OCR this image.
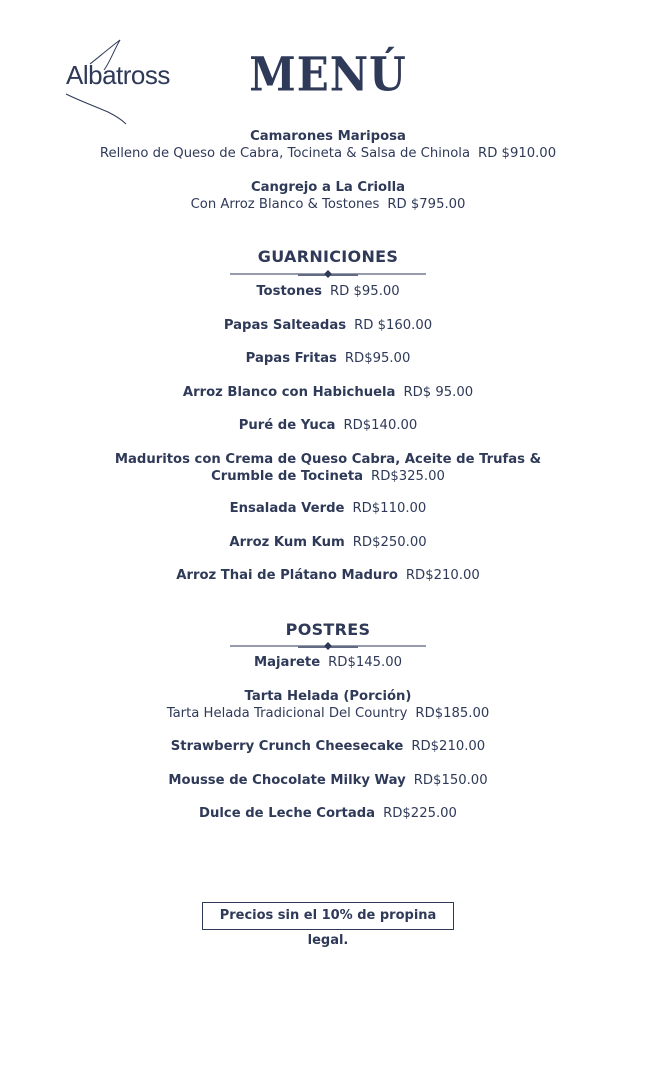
Albatross	MENÚ
Camarones Mariposa
Relleno de Queso de Cabra, Tocineta & Salsa de Chinola RD $910.00
Cangrejo a La Criolla
Con Arroz Blanco & Tostones RD $795.00
GUARNICIONES
Tostones RD $95.00
Papas Salteadas RD $160.00
Papas Fritas RD$95.00
Arroz Blanco con Habichuela RD$ 95.00
Puré de Yuca RD$140.00
Maduritos con Crema de Queso Cabra, Aceite de Trufas &
Crumble de Tocineta RD$325.00
Ensalada Verde RD$110.00
Arroz Kum Kum RD$250.00
Arroz Thai de Plátano Maduro RD$210.00
POSTRES
Majarete RD$145.00
Tarta Helada (Porción)
Tarta Helada Tradicional Del Country RD$185.00
Strawberry Crunch Cheesecake RD$210.00
Mousse de Chocolate Milky Way RD$150.00
Dulce de Leche Cortada RD$225.00
Precios sin el 10% de propina legal.
